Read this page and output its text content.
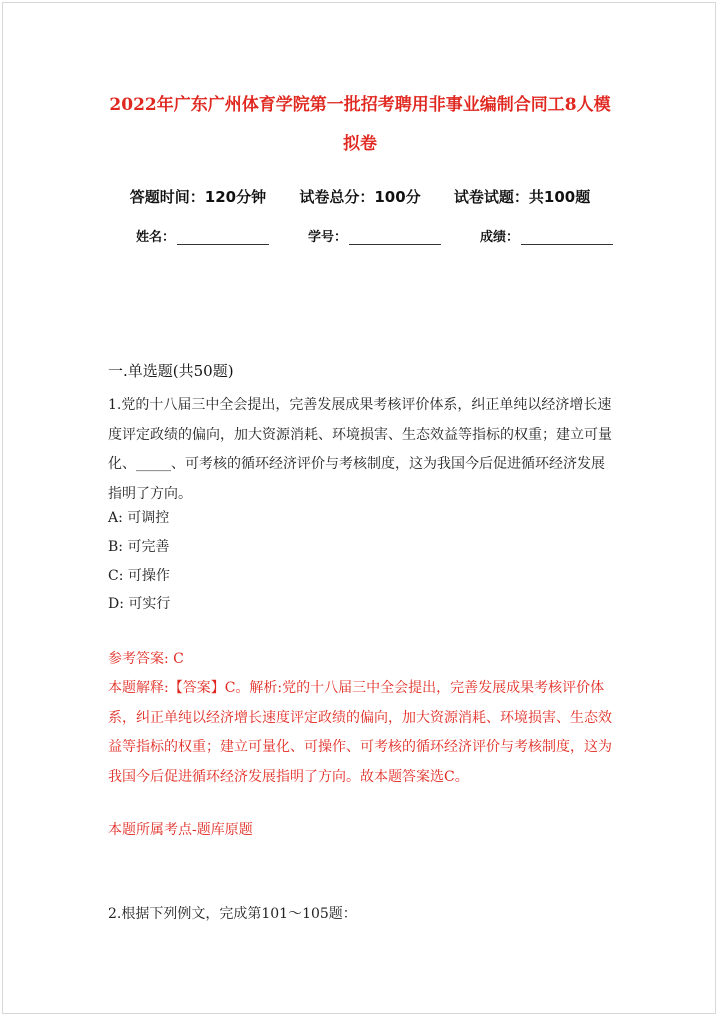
2022年广东广州体育学院第一批招考聘用非事业编制合同工8人模
拟卷
答题时间：120分钟 试卷总分：100分 试卷试题：共100题
姓名：	学号：	成绩：
一.单选题(共50题)
1.党的十八届三中全会提出，完善发展成果考核评价体系，纠正单纯以经济增长速度评定政绩的偏向，加大资源消耗、环境损害、生态效益等指标的权重；建立可量化、_____、可考核的循环经济评价与考核制度，这为我国今后促进循环经济发展指明了方向。
A: 可调控
B: 可完善
C: 可操作
D: 可实行
参考答案: C
本题解释:【答案】C。解析:党的十八届三中全会提出，完善发展成果考核评价体系，纠正单纯以经济增长速度评定政绩的偏向，加大资源消耗、环境损害、生态效益等指标的权重；建立可量化、可操作、可考核的循环经济评价与考核制度，这为我国今后促进循环经济发展指明了方向。故本题答案选C。
本题所属考点-题库原题
2.根据下列例文，完成第101～105题：
